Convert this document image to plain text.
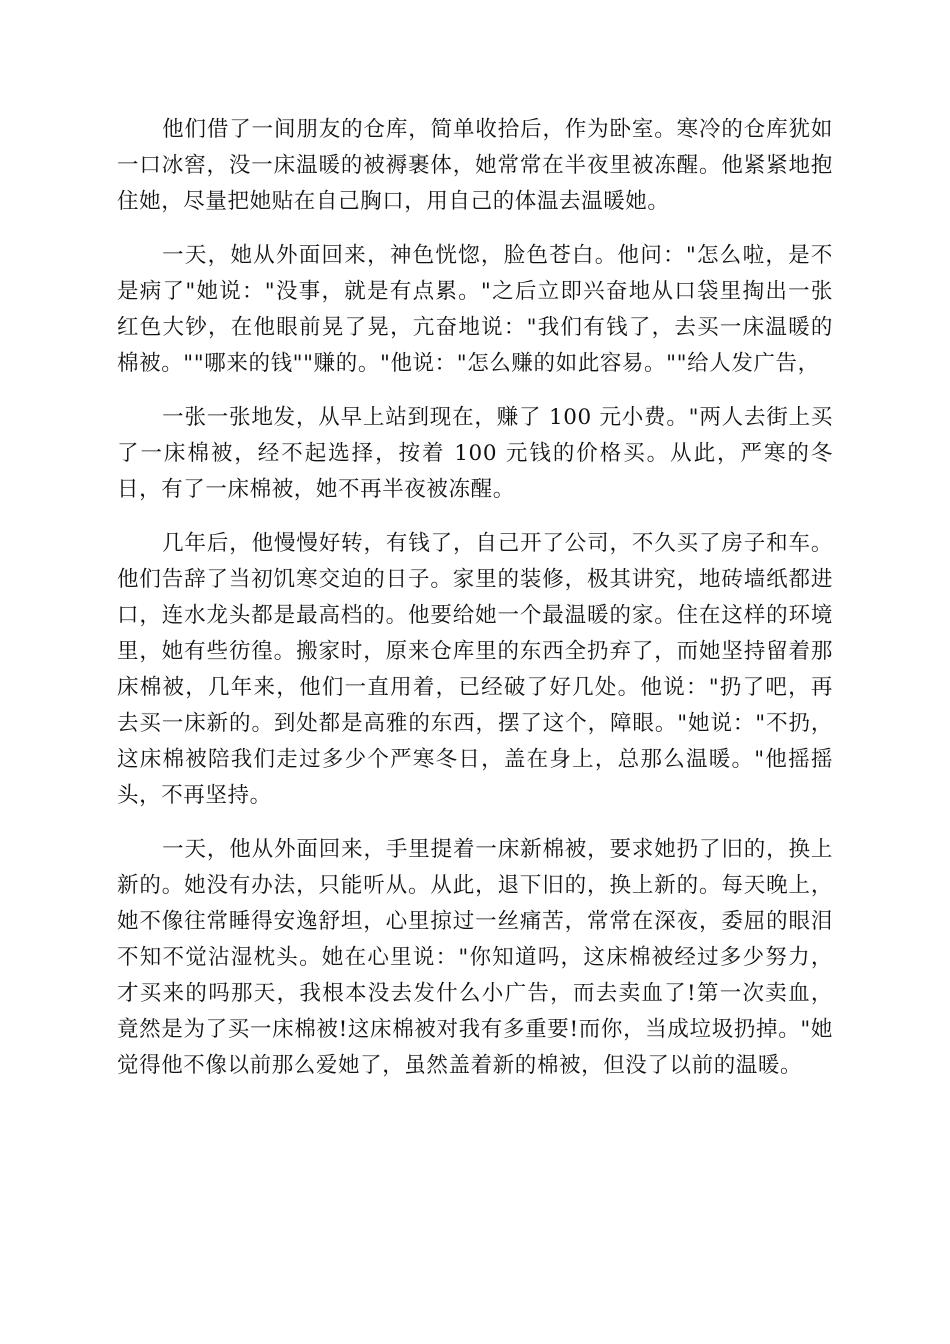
他们借了一间朋友的仓库，简单收拾后，作为卧室。寒冷的仓库犹如一口冰窖，没一床温暖的被褥裹体，她常常在半夜里被冻醒。他紧紧地抱住她，尽量把她贴在自己胸口，用自己的体温去温暖她。

一天，她从外面回来，神色恍惚，脸色苍白。他问："怎么啦，是不是病了"她说："没事，就是有点累。"之后立即兴奋地从口袋里掏出一张红色大钞，在他眼前晃了晃，亢奋地说："我们有钱了，去买一床温暖的棉被。""哪来的钱""赚的。"他说："怎么赚的如此容易。""给人发广告，

一张一张地发，从早上站到现在，赚了 100 元小费。"两人去街上买了一床棉被，经不起选择，按着 100 元钱的价格买。从此，严寒的冬日，有了一床棉被，她不再半夜被冻醒。

几年后，他慢慢好转，有钱了，自己开了公司，不久买了房子和车。他们告辞了当初饥寒交迫的日子。家里的装修，极其讲究，地砖墙纸都进口，连水龙头都是最高档的。他要给她一个最温暖的家。住在这样的环境里，她有些彷徨。搬家时，原来仓库里的东西全扔弃了，而她坚持留着那床棉被，几年来，他们一直用着，已经破了好几处。他说："扔了吧，再去买一床新的。到处都是高雅的东西，摆了这个，障眼。"她说："不扔，这床棉被陪我们走过多少个严寒冬日，盖在身上，总那么温暖。"他摇摇头，不再坚持。

一天，他从外面回来，手里提着一床新棉被，要求她扔了旧的，换上新的。她没有办法，只能听从。从此，退下旧的，换上新的。每天晚上，她不像往常睡得安逸舒坦，心里掠过一丝痛苦，常常在深夜，委屈的眼泪不知不觉沾湿枕头。她在心里说："你知道吗，这床棉被经过多少努力，才买来的吗那天，我根本没去发什么小广告，而去卖血了!第一次卖血，竟然是为了买一床棉被!这床棉被对我有多重要!而你，当成垃圾扔掉。"她觉得他不像以前那么爱她了，虽然盖着新的棉被，但没了以前的温暖。
